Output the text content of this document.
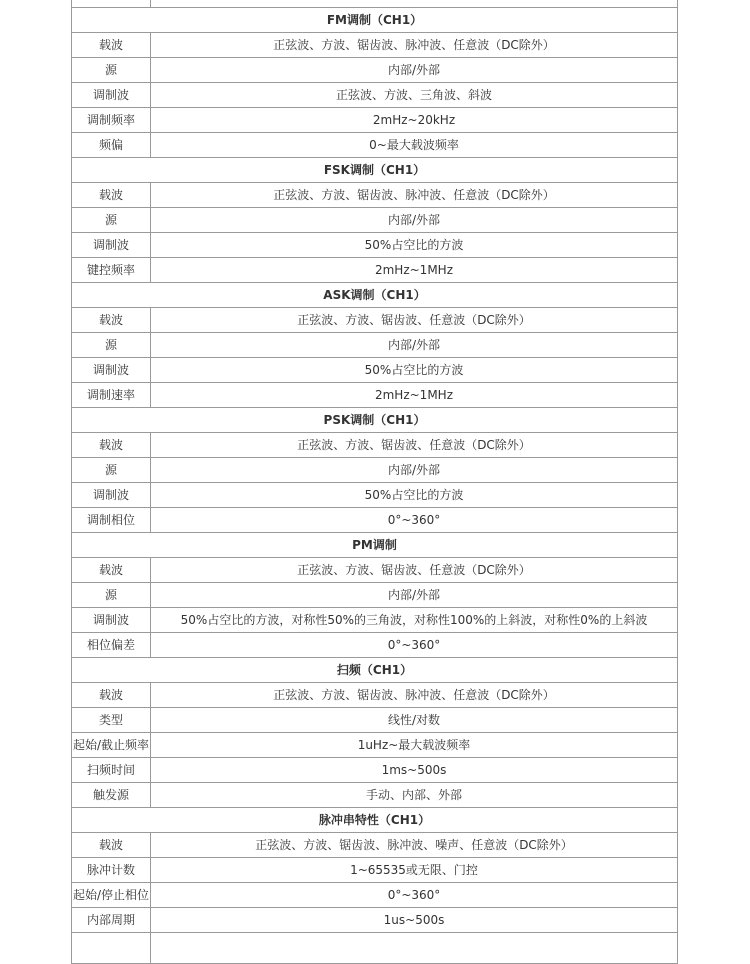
FM调制（CH1）	
载波	正弦波、方波、锯齿波、脉冲波、任意波（DC除外）
源	内部/外部
调制波	正弦波、方波、三角波、斜波
调制频率	2mHz~20kHz
频偏	0~最大载波频率
FSK调制（CH1）	
载波	正弦波、方波、锯齿波、脉冲波、任意波（DC除外）
源	内部/外部
调制波	50%占空比的方波
键控频率	2mHz~1MHz
ASK调制（CH1）	
载波	正弦波、方波、锯齿波、任意波（DC除外）
源	内部/外部
调制波	50%占空比的方波
调制速率	2mHz~1MHz
PSK调制（CH1）	
载波	正弦波、方波、锯齿波、任意波（DC除外）
源	内部/外部
调制波	50%占空比的方波
调制相位	0°~360°
PM调制	
载波	正弦波、方波、锯齿波、任意波（DC除外）
源	内部/外部
调制波	50%占空比的方波，对称性50%的三角波，对称性100%的上斜波，对称性0%的上斜波
相位偏差	0°~360°
扫频（CH1）	
载波	正弦波、方波、锯齿波、脉冲波、任意波（DC除外）
类型	线性/对数
起始/截止频率	1uHz~最大载波频率
扫频时间	1ms~500s
触发源	手动、内部、外部
脉冲串特性（CH1）	
载波	正弦波、方波、锯齿波、脉冲波、噪声、任意波（DC除外）
脉冲计数	1~65535或无限、门控
起始/停止相位	0°~360°
内部周期	1us~500s
